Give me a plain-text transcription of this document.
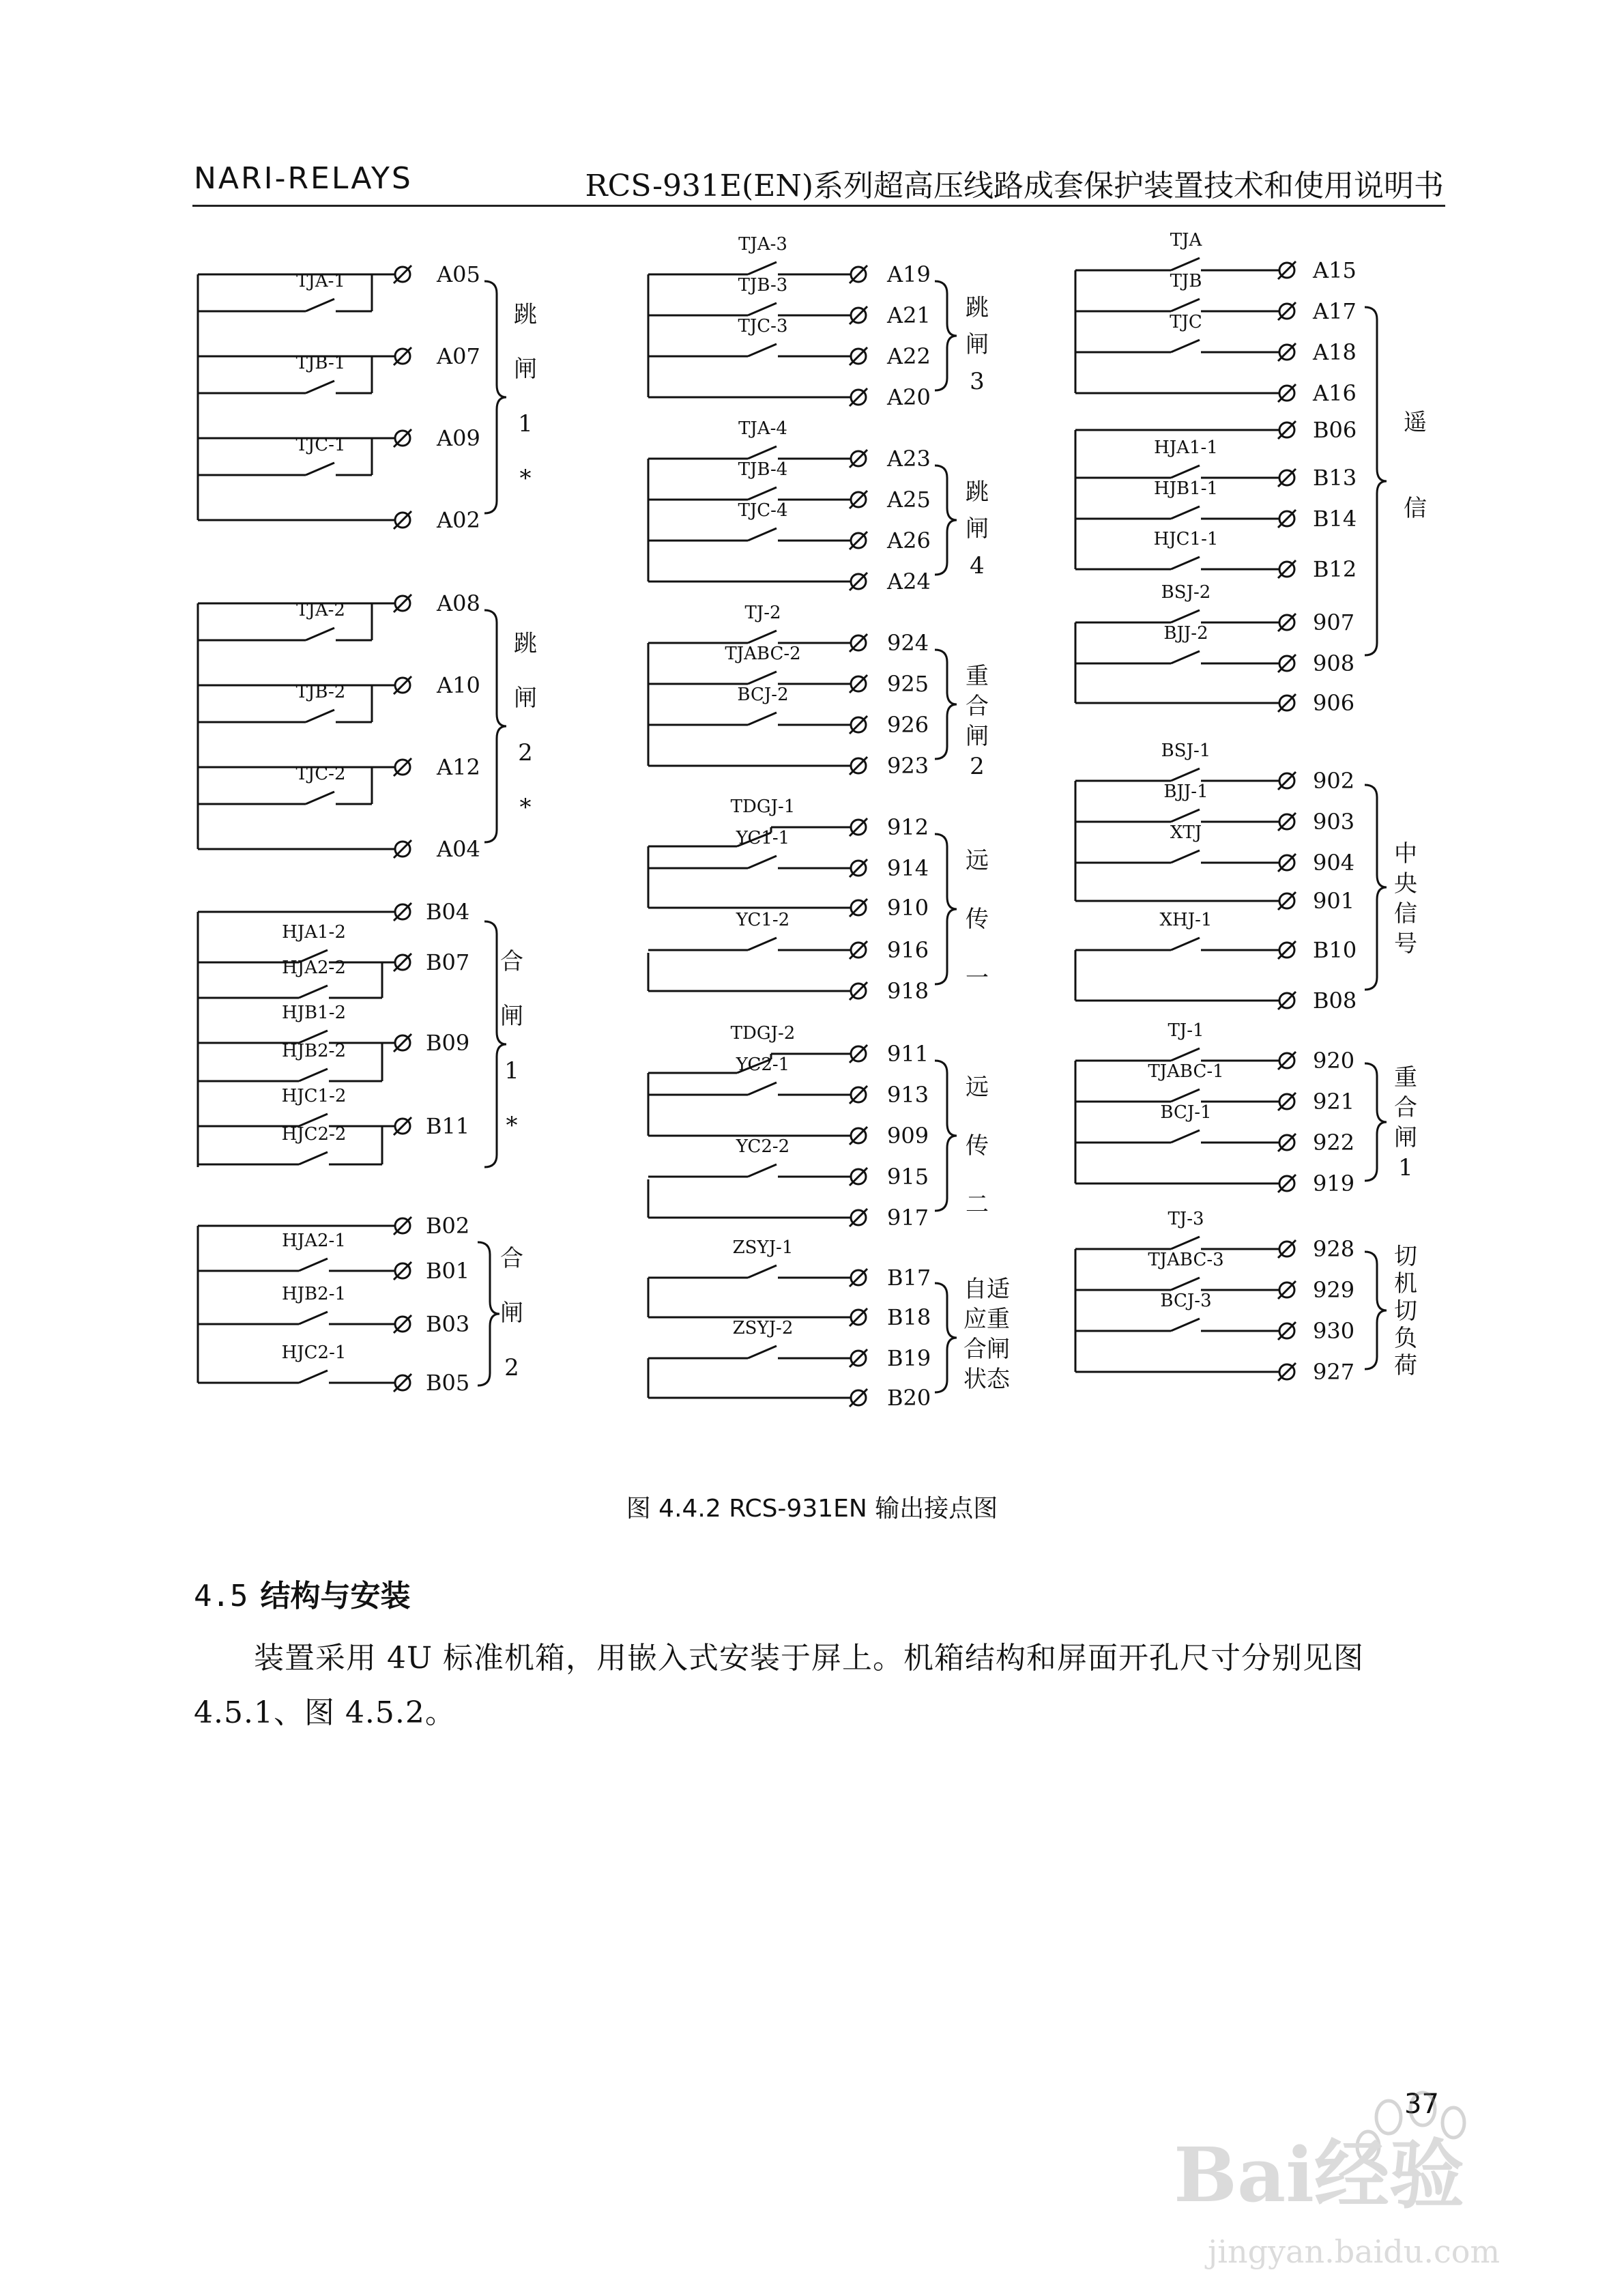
NARI-RELAYS	RCS-931E(EN)系列超高压线路成套保护装置技术和使用说明书
TJA-1	A05
TJB-1	A07
TJC-1	A09
A02
跳
闸
1
*
TJA-2	A08
TJB-2	A10
TJC-2	A12
A04
跳
闸
2
*
B04
HJA1-2
HJA2-2
HJB1-2
HJB2-2
HJC1-2
HJC2-2
B07
B09
B11
合
闸
1
*
B02
HJA2-1
B01
HJB2-1
B03
HJC2-1
B05
合
闸
2
TJA-3
A19
TJB-3
A21
TJC-3
A22
A20
跳
闸
3
TJA-4
A23
TJB-4
A25
TJC-4
A26
A24
跳
闸
4
TJ-2
924
TJABC-2
925
BCJ-2
926
923
重
合
闸
2
TDGJ-1
912
YC1-1
914
910
YC1-2
916
918
远
传
一
TDGJ-2
911
YC2-1
913
909
YC2-2
915
917
远
传
二
ZSYJ-1
B17
B18
ZSYJ-2
B19
B20
自适
应重
合闸
状态
TJA
A15
TJB
A17
TJC
A18
A16
B06
HJA1-1
B13
HJB1-1
B14
HJC1-1
B12
BSJ-2
907
BJJ-2
908
906
遥
信
BSJ-1
902
BJJ-1
903
XTJ
904
901
XHJ-1
B10
B08
中
央
信
号
TJ-1
920
TJABC-1
921
BCJ-1
922
919
重
合
闸
1
TJ-3
928
TJABC-3
929
BCJ-3
930
927
切
机
切
负
荷
图 4.4.2 RCS-931EN 输出接点图
4.5 结构与安装
装置采用 4U 标准机箱，用嵌入式安装于屏上。机箱结构和屏面开孔尺寸分别见图4.5.1、图 4.5.2。
37
Bai经验
jingyan.baidu.com
